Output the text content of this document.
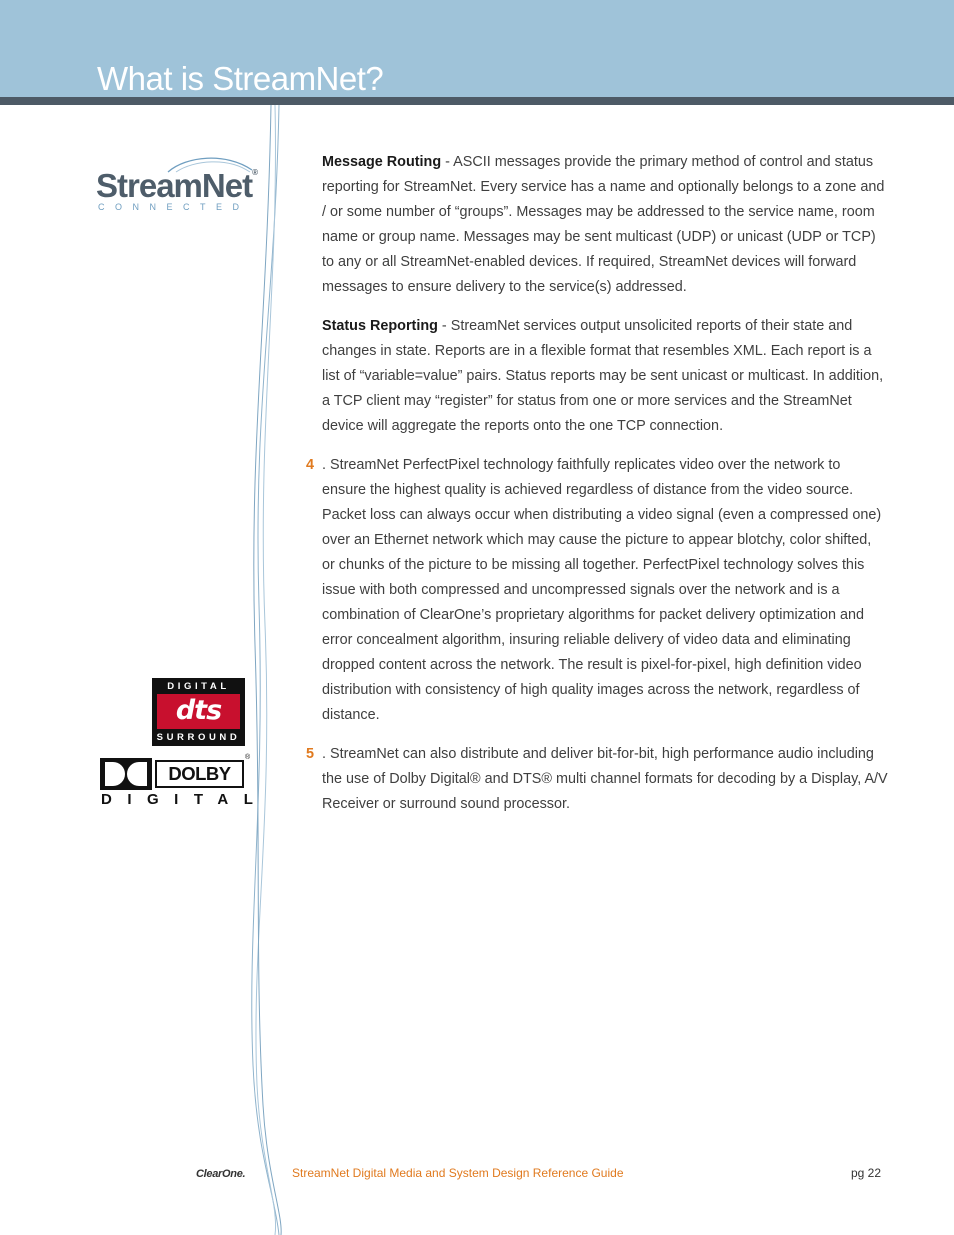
What is StreamNet?
StreamNet®
CONNECTED

Message Routing - ASCII messages provide the primary method of control and status reporting for StreamNet. Every service has a name and optionally belongs to a zone and / or some number of “groups”. Messages may be addressed to the service name, room name or group name. Messages may be sent multicast (UDP) or unicast (UDP or TCP) to any or all StreamNet-enabled devices. If required, StreamNet devices will forward messages to ensure delivery to the service(s) addressed.

Status Reporting - StreamNet services output unsolicited reports of their state and changes in state. Reports are in a flexible format that resembles XML. Each report is a list of “variable=value” pairs. Status reports may be sent unicast or multicast. In addition, a TCP client may “register” for status from one or more services and the StreamNet device will aggregate the reports onto the one TCP connection.

4 . StreamNet PerfectPixel technology faithfully replicates video over the network to ensure the highest quality is achieved regardless of distance from the video source. Packet loss can always occur when distributing a video signal (even a compressed one) over an Ethernet network which may cause the picture to appear blotchy, color shifted, or chunks of the picture to be missing all together. PerfectPixel technology solves this issue with both compressed and uncompressed signals over the network and is a combination of ClearOne’s proprietary algorithms for packet delivery optimization and error concealment algorithm, insuring reliable delivery of video data and eliminating dropped content across the network. The result is pixel-for-pixel, high definition video distribution with consistency of high quality images across the network, regardless of distance.
5 . StreamNet can also distribute and deliver bit-for-bit, high performance audio including the use of Dolby Digital® and DTS® multi channel formats for decoding by a Display, A/V Receiver or surround sound processor.
DIGITAL
dts
SURROUND
DOLBY
®
DIGITAL
ClearOne.	StreamNet Digital Media and System Design Reference Guide	pg 22
